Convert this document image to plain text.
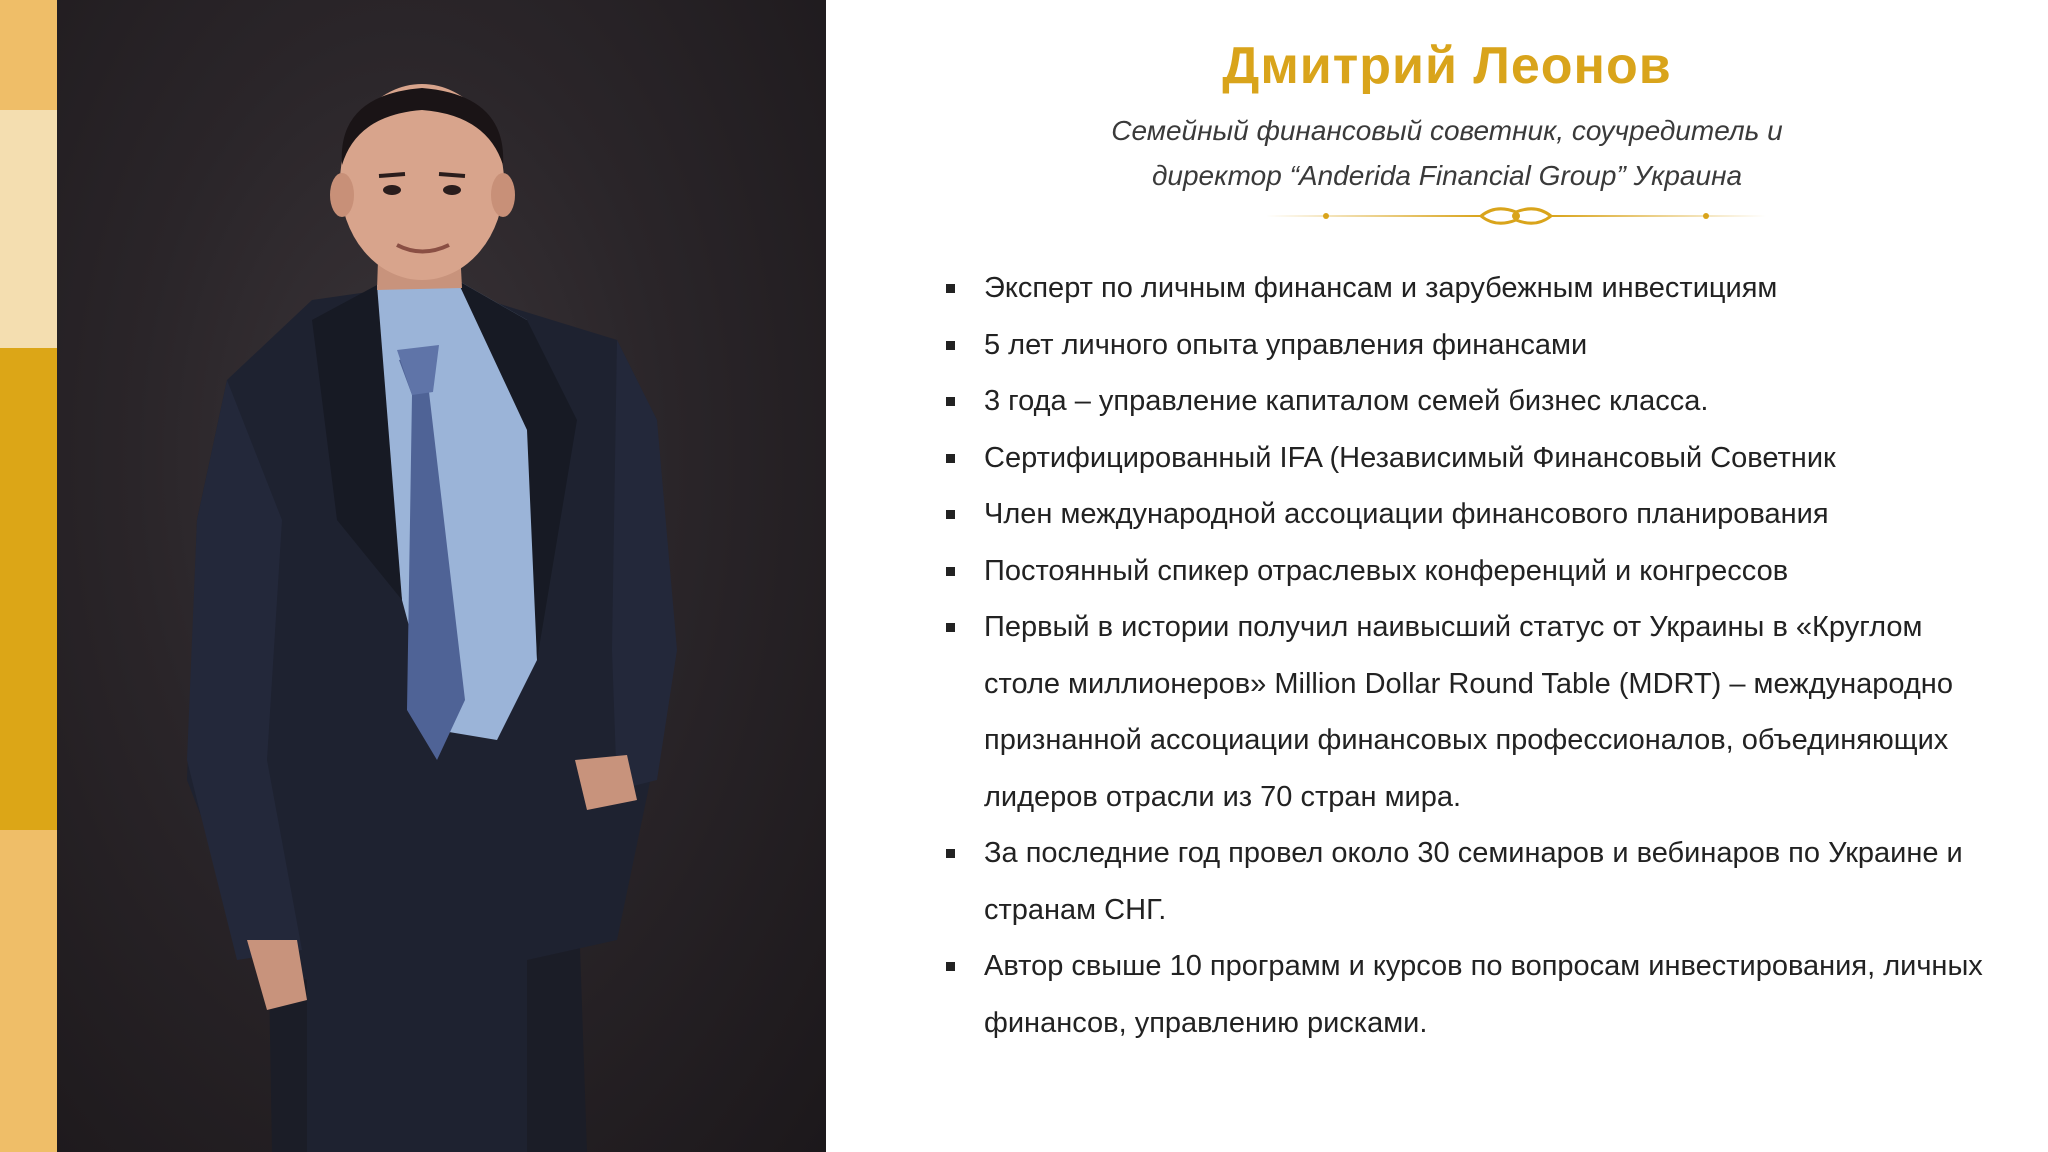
Дмитрий Леонов
Семейный финансовый советник, соучредитель и
директор “Anderida Financial Group” Украина
Эксперт по личным финансам и зарубежным инвестициям
5 лет личного опыта управления финансами
3 года – управление капиталом семей бизнес класса.
Сертифицированный IFA (Независимый Финансовый Советник
Член международной ассоциации финансового планирования
Постоянный спикер отраслевых конференций и конгрессов
Первый в истории получил наивысший статус от Украины в «Круглом столе миллионеров» Million Dollar Round Table (MDRT) – международно признанной ассоциации финансовых профессионалов, объединяющих лидеров отрасли из 70 стран мира.
За последние год провел около 30 семинаров и вебинаров по Украине и странам СНГ.
Автор свыше 10 программ и курсов по вопросам инвестирования, личных финансов, управлению рисками.
